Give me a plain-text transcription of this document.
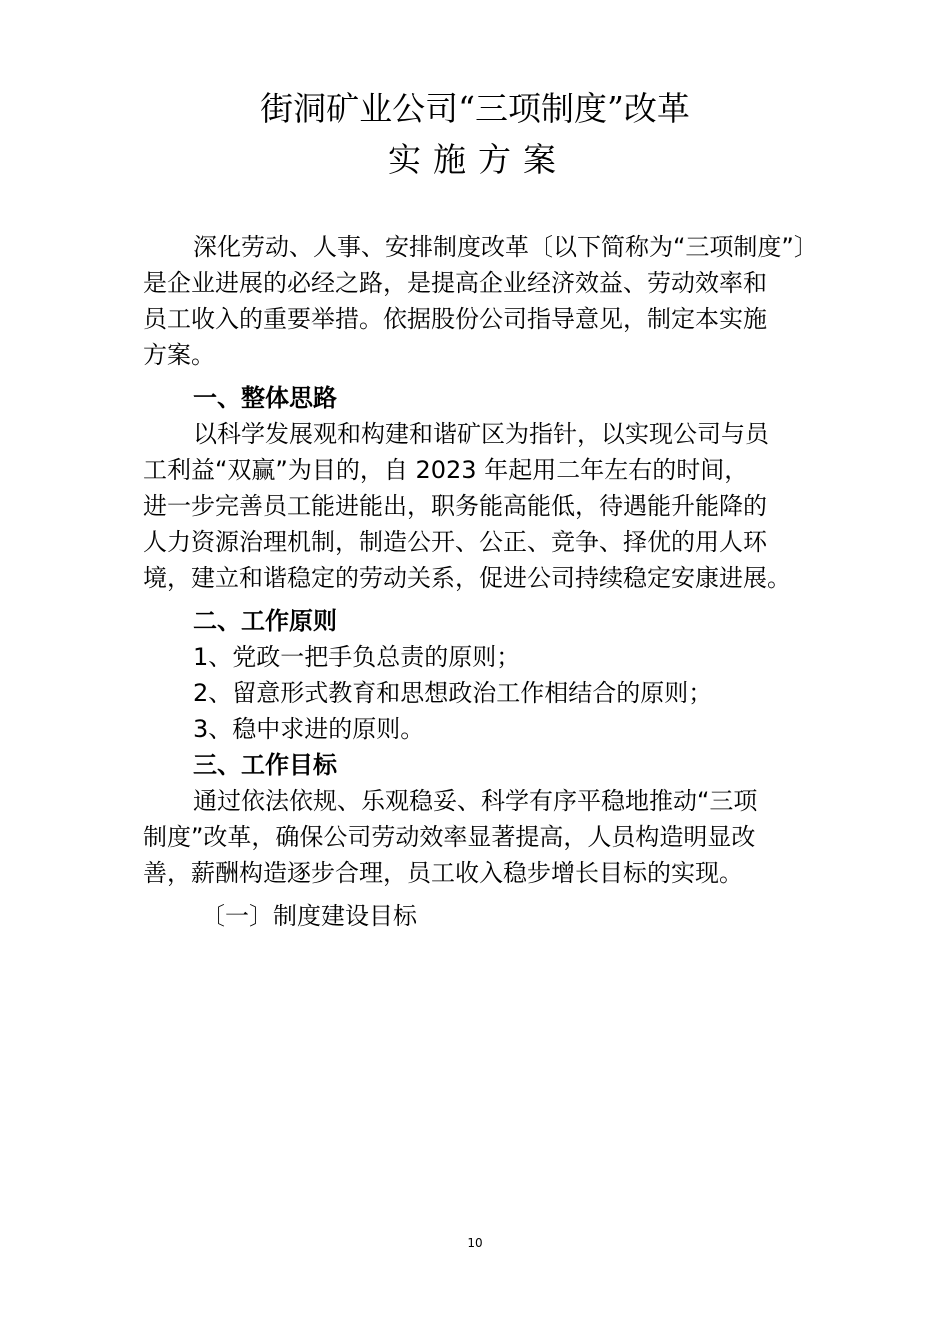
街洞矿业公司“三项制度”改革
实施方案

深化劳动、人事、安排制度改革〔以下简称为“三项制度”〕
是企业进展的必经之路，是提高企业经济效益、劳动效率和
员工收入的重要举措。依据股份公司指导意见，制定本实施
方案。

一、整体思路

以科学发展观和构建和谐矿区为指针，以实现公司与员
工利益“双赢”为目的，自 2023 年起用二年左右的时间，
进一步完善员工能进能出，职务能高能低，待遇能升能降的
人力资源治理机制，制造公开、公正、竞争、择优的用人环
境，建立和谐稳定的劳动关系，促进公司持续稳定安康进展。

二、工作原则
1、党政一把手负总责的原则；
2、留意形式教育和思想政治工作相结合的原则；
3、稳中求进的原则。
三、工作目标

通过依法依规、乐观稳妥、科学有序平稳地推动“三项
制度”改革，确保公司劳动效率显著提高，人员构造明显改
善，薪酬构造逐步合理，员工收入稳步增长目标的实现。

〔一〕制度建设目标
10
